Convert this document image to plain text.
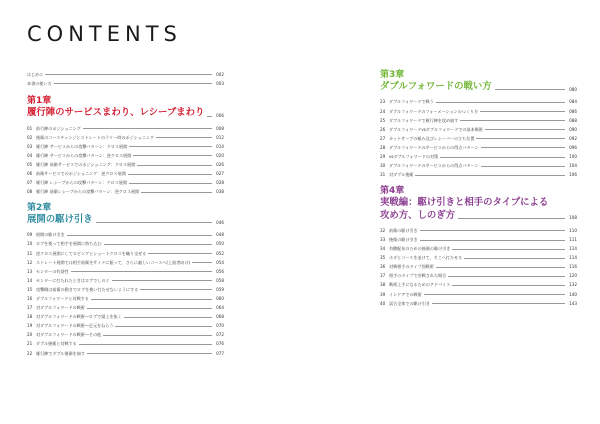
CONTENTS
はじめに	002
本書の使い方	003
第1章
履行陣のサービスまわり、レシーブまわり	006
01 前行陣のポジショニング	008
02 後衛のコースチェンジとストレートのラリー時のポジショニング	012
03 雁行陣 サービスからの攻撃パターン：クロス展開	014
04 雁行陣 サービスからの攻撃パターン：逆クロス展開	020
05 雁行陣 前衛サービスでのポジショニング：クロス展開	026
06 前衛サービスでのポジショニング：逆クロス展開	027
07 雁行陣 レシーブからの攻撃パターン：クロス展開	028
08 雁行陣 前衛レシーブからの攻撃パターン：逆クロス展開	038
第2章
展開の駆け引き	046
09 展開の駆け引き	048
10 ロブを使って相手を展開に持ち込む	050
11 逆クロス展開にしてロビングとショートクロスを織り交ぜる	052
12 ストレート展開では相手前衛をサイドに振って、さらに厳しいコースへ(上級者向け)	054
13 センターの有効性	056
14 センターに打たれたときはロブでしのぐ	058
15 攻撃側は前衛の動きでロブを使い打たせないようにする	059
16 ダブルフォワードと対戦する	060
17 対ダブルフォワードの戦術	064
18 対ダブルフォワードの戦術―ロブで頭上を抜く	068
19 対ダブルフォワードの戦術―足元をねらう	070
20 対ダブルフォワードの戦術―その他	072
21 ダブル後衛と対戦する	076
22 雁行陣でダブル後衛を崩す	077
第3章
ダブルフォワードの戦い方	080
23 ダブルフォワードで戦う	084
24 ダブルフォワードのフォーメーションのつくり方	086
25 ダブルフォワードで雁行陣を攻め崩す	088
26 ダブルフォワードvsダブルフォワードでの基本戦術	090
27 カットサーブの極み及びレシーバーの立ち位置	092
28 ダブルフォワードのサービスからの得点パターン	096
29 vsダブルフォワードの対策	100
30 ダブルフォワードのサービスからの得点パターン	104
31 対ダブル後衛	106
第4章
実戦編：駆け引きと相手のタイプによる
攻め方、しのぎ方	108
32 前衛の駆け引き	110
33 後衛の駆け引き	111
34 有酸配布のための後衛の駆け引き	114
35 ホダとコースを並けて、そこへ打たせる	114
36 対戦相手のタイプ別戦術	116
37 相手のタイプで苦戦された場合	120
38 戦術上手になるためのアドバイス	132
39 インドアでの戦術	140
40 試合全体での駆け引き	143
